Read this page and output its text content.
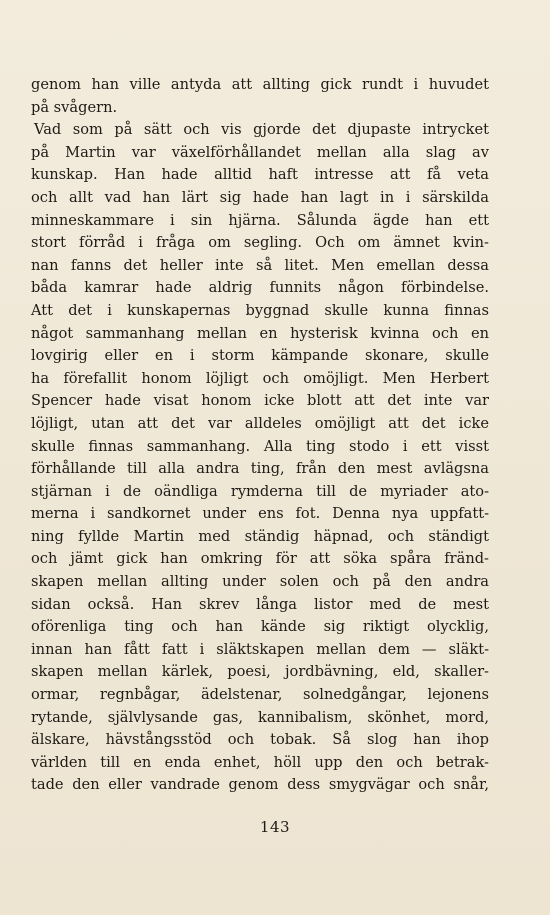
genom han ville antyda att allting gick rundt i huvudet
på svågern.
Vad som på sätt och vis gjorde det djupaste intrycket
på Martin var växelförhållandet mellan alla slag av
kunskap. Han hade alltid haft intresse att få veta
och allt vad han lärt sig hade han lagt in i särskilda
minneskammare i sin hjärna. Sålunda ägde han ett
stort förråd i fråga om segling. Och om ämnet kvin-
nan fanns det heller inte så litet. Men emellan dessa
båda kamrar hade aldrig funnits någon förbindelse.
Att det i kunskapernas byggnad skulle kunna finnas
något sammanhang mellan en hysterisk kvinna och en
lovgirig eller en i storm kämpande skonare, skulle
ha förefallit honom löjligt och omöjligt. Men Herbert
Spencer hade visat honom icke blott att det inte var
löjligt, utan att det var alldeles omöjligt att det icke
skulle finnas sammanhang. Alla ting stodo i ett visst
förhållande till alla andra ting, från den mest avlägsna
stjärnan i de oändliga rymderna till de myriader ato-
merna i sandkornet under ens fot. Denna nya uppfatt-
ning fyllde Martin med ständig häpnad, och ständigt
och jämt gick han omkring för att söka spåra fränd-
skapen mellan allting under solen och på den andra
sidan också. Han skrev långa listor med de mest
oförenliga ting och han kände sig riktigt olycklig,
innan han fått fatt i släktskapen mellan dem — släkt-
skapen mellan kärlek, poesi, jordbävning, eld, skaller-
ormar, regnbågar, ädelstenar, solnedgångar, lejonens
rytande, självlysande gas, kannibalism, skönhet, mord,
älskare, hävstångsstöd och tobak. Så slog han ihop
världen till en enda enhet, höll upp den och betrak-
tade den eller vandrade genom dess smygvägar och snår,
143
